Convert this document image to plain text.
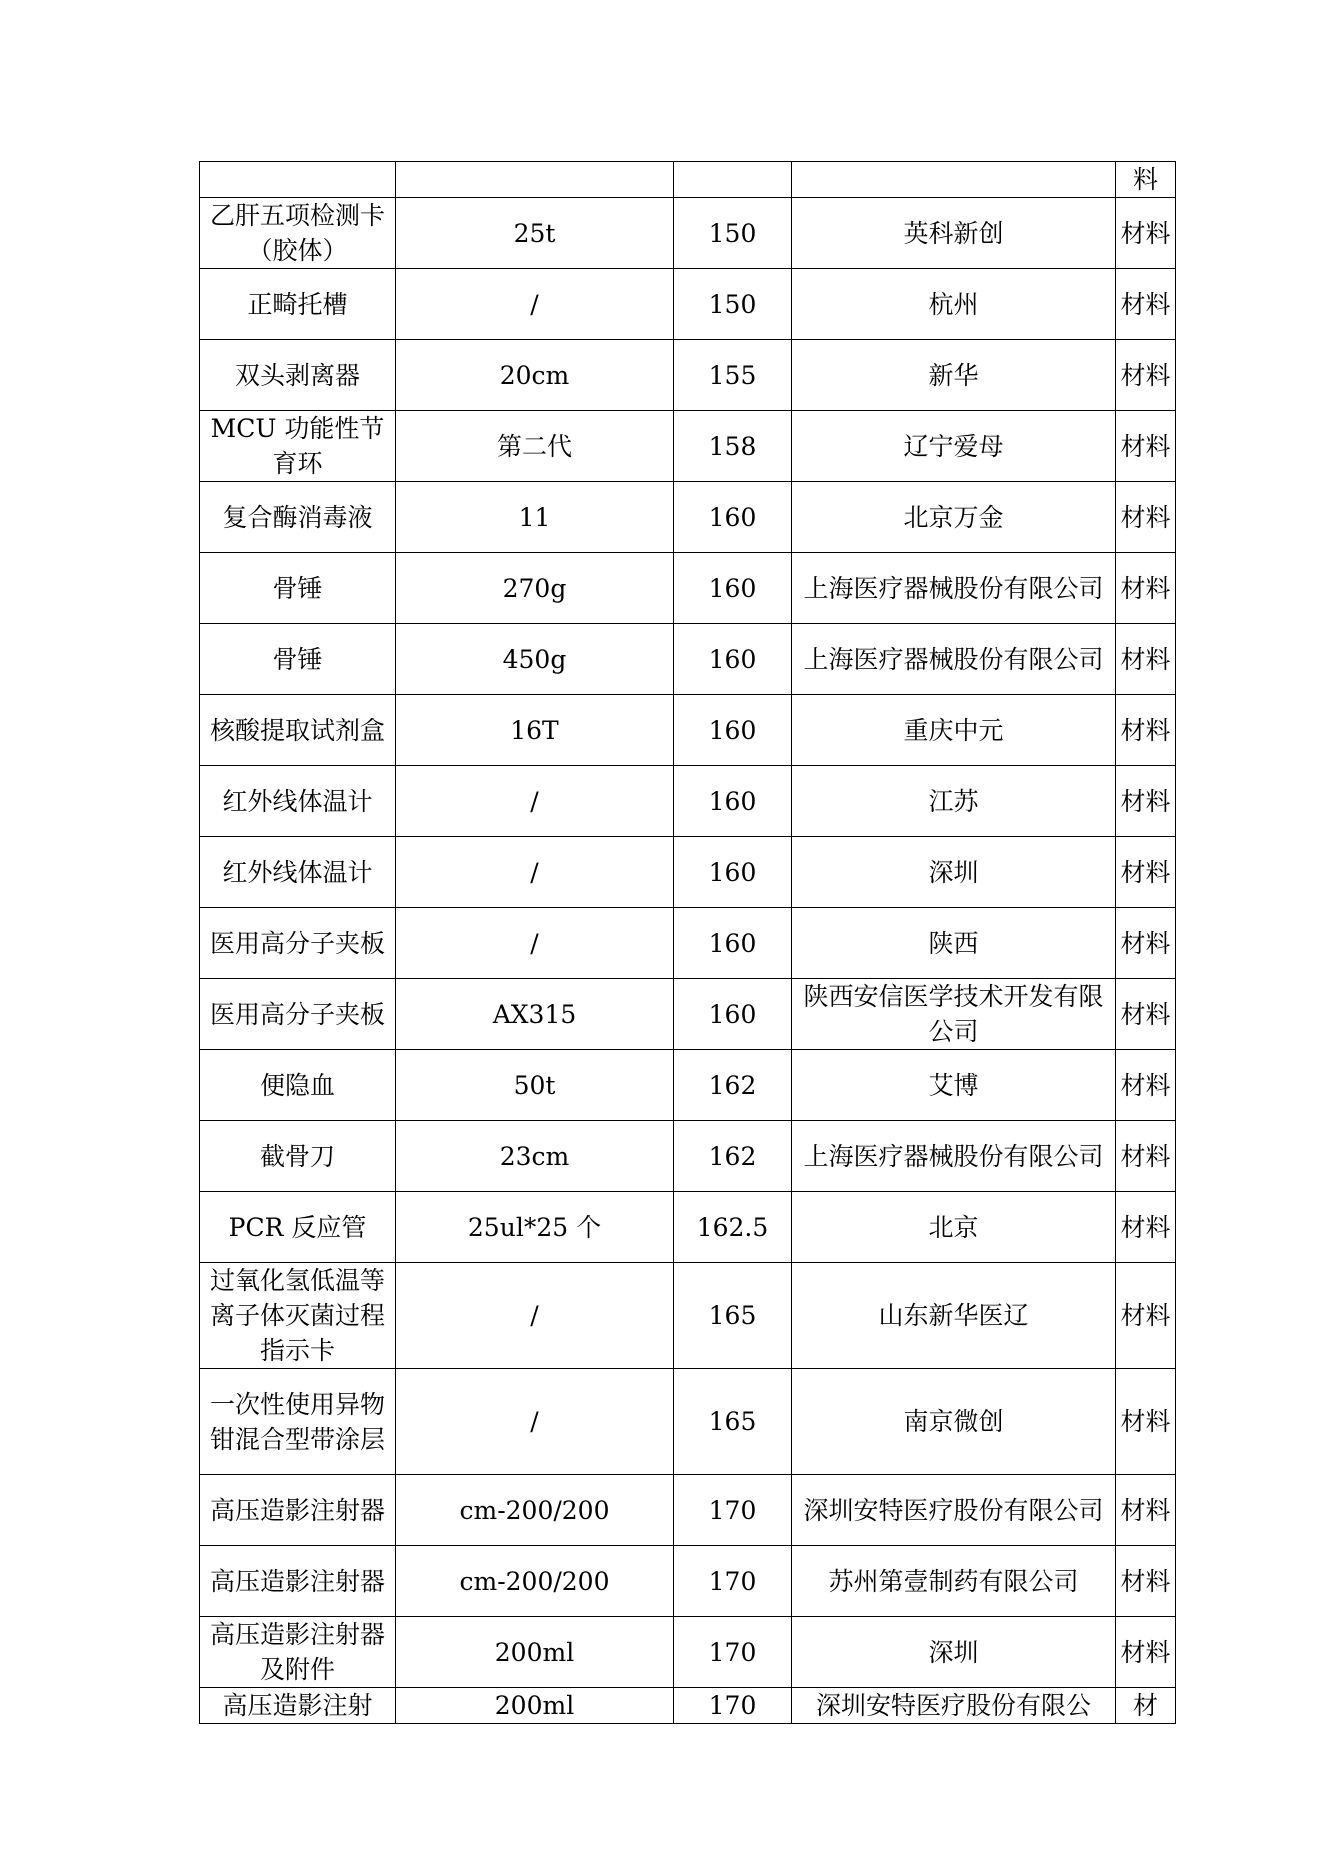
				料
乙肝五项检测卡（胶体）	25t	150	英科新创	材料
正畸托槽	/	150	杭州	材料
双头剥离器	20cm	155	新华	材料
MCU 功能性节育环	第二代	158	辽宁爱母	材料
复合酶消毒液	11	160	北京万金	材料
骨锤	270g	160	上海医疗器械股份有限公司	材料
骨锤	450g	160	上海医疗器械股份有限公司	材料
核酸提取试剂盒	16T	160	重庆中元	材料
红外线体温计	/	160	江苏	材料
红外线体温计	/	160	深圳	材料
医用高分子夹板	/	160	陕西	材料
医用高分子夹板	AX315	160	陕西安信医学技术开发有限公司	材料
便隐血	50t	162	艾博	材料
截骨刀	23cm	162	上海医疗器械股份有限公司	材料
PCR 反应管	25ul*25 个	162.5	北京	材料
过氧化氢低温等离子体灭菌过程指示卡	/	165	山东新华医辽	材料
一次性使用异物钳混合型带涂层	/	165	南京微创	材料
高压造影注射器	cm-200/200	170	深圳安特医疗股份有限公司	材料
高压造影注射器	cm-200/200	170	苏州第壹制药有限公司	材料
高压造影注射器及附件	200ml	170	深圳	材料
高压造影注射	200ml	170	深圳安特医疗股份有限公	材
